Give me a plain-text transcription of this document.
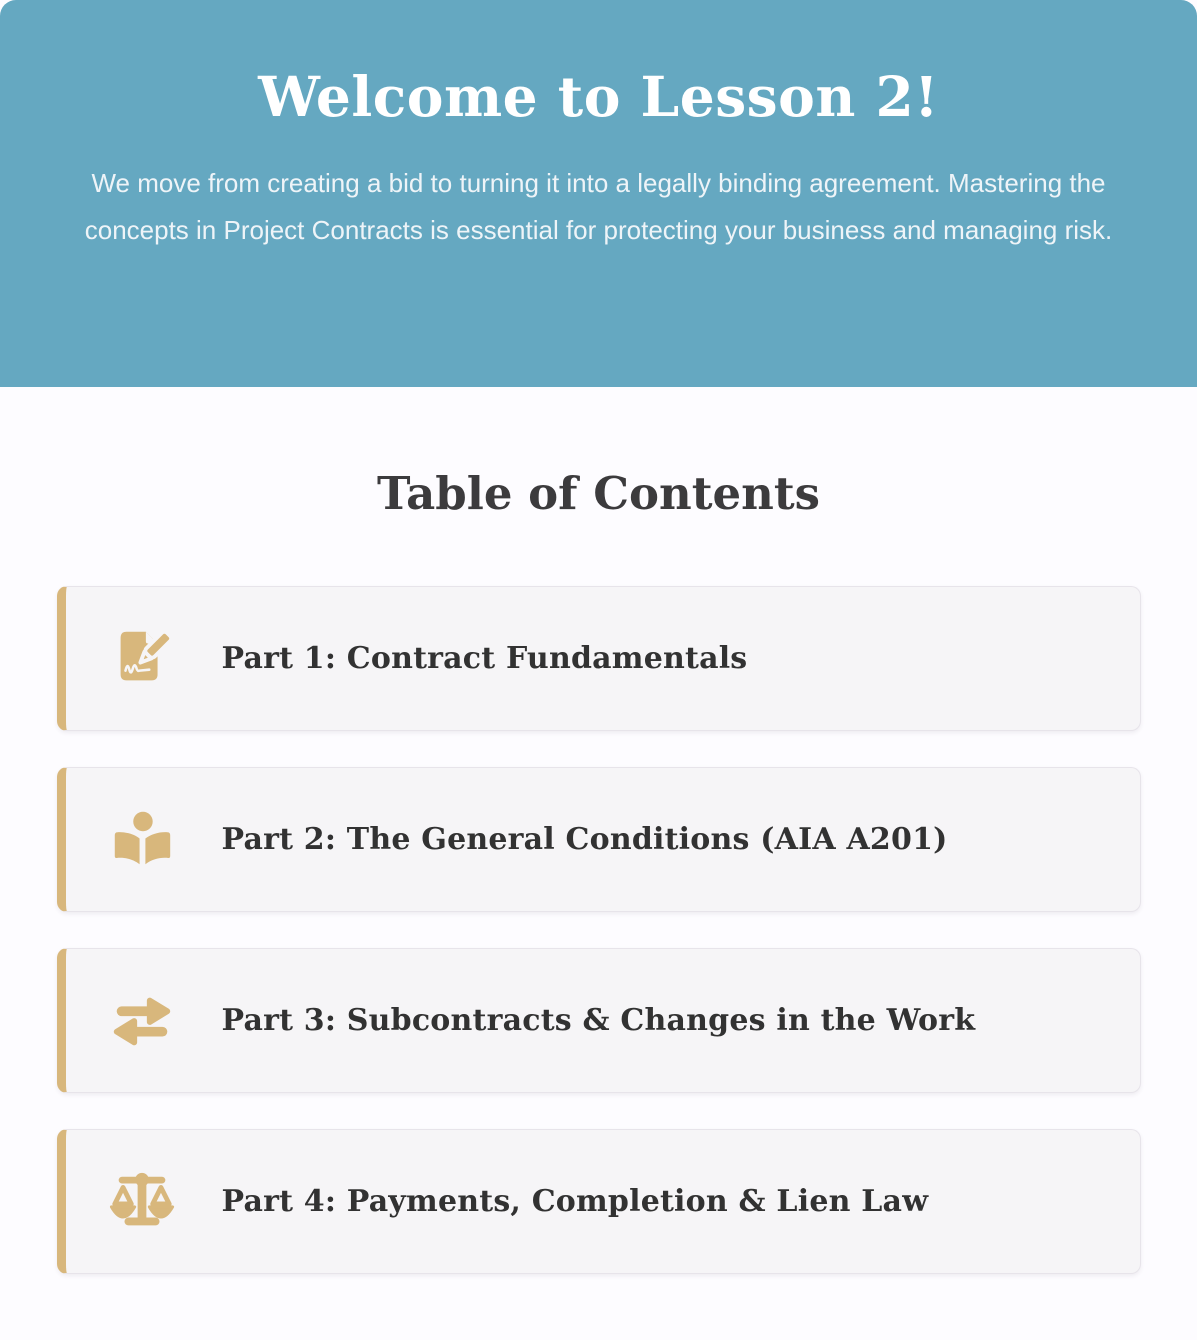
Welcome to Lesson 2!

We move from creating a bid to turning it into a legally binding agreement. Mastering the concepts in Project Contracts is essential for protecting your business and managing risk.

Table of Contents
Part 1: Contract Fundamentals
Part 2: The General Conditions (AIA A201)
Part 3: Subcontracts & Changes in the Work
Part 4: Payments, Completion & Lien Law
